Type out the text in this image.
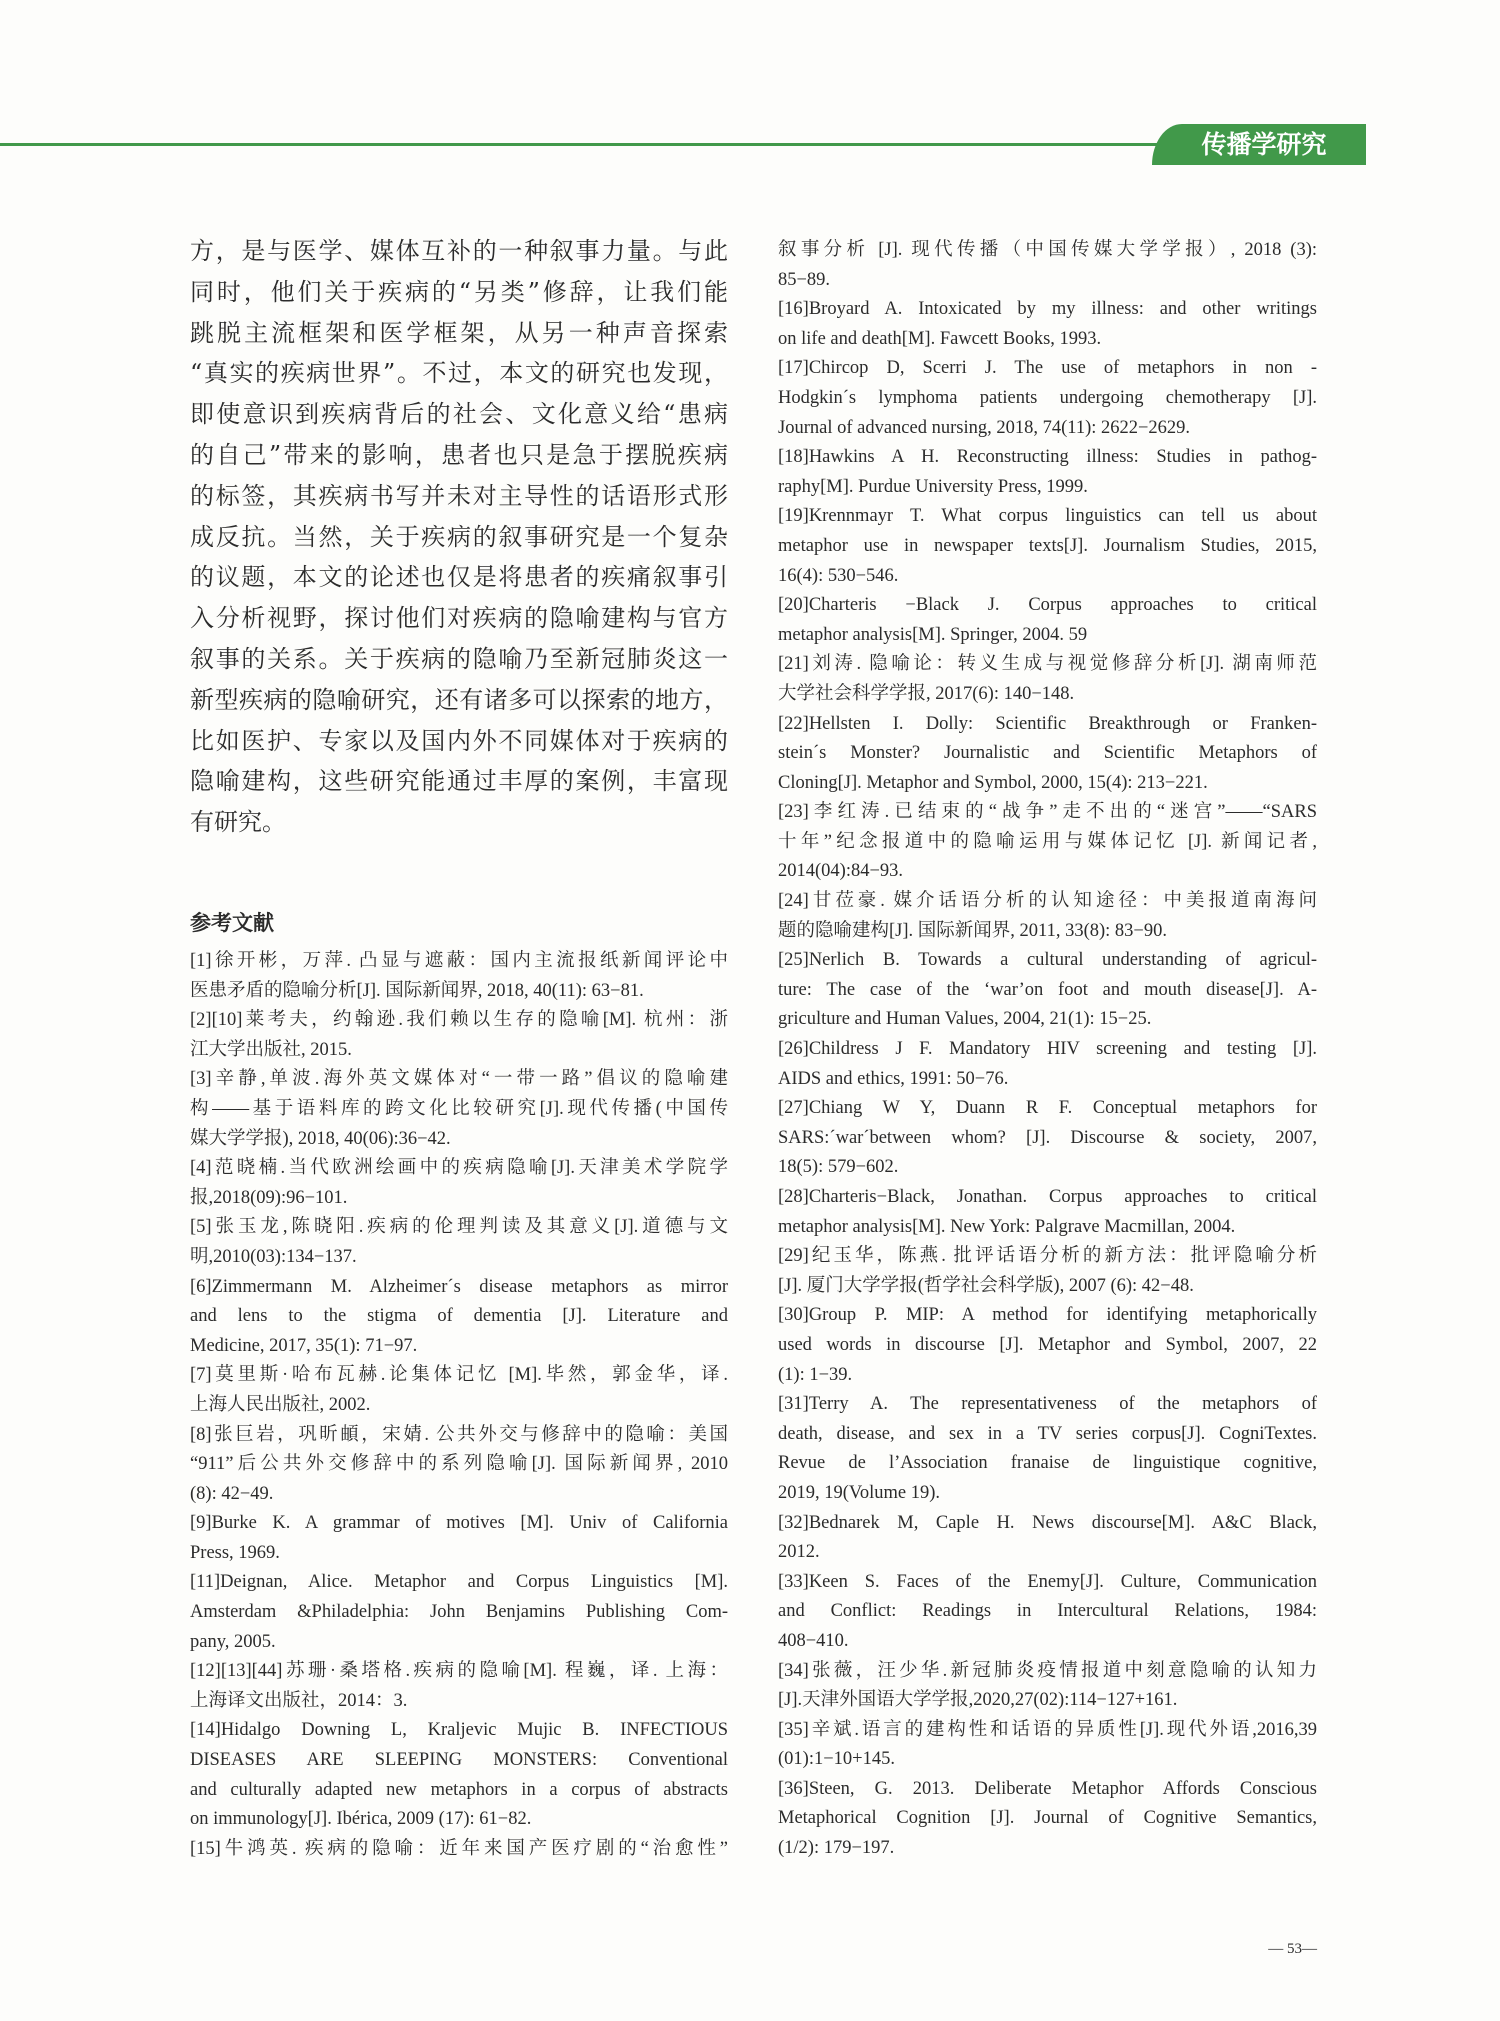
传播学研究
方，是与医学、媒体互补的一种叙事力量。与此
同时，他们关于疾病的“另类”修辞，让我们能
跳脱主流框架和医学框架，从另一种声音探索
“真实的疾病世界”。不过，本文的研究也发现，
即使意识到疾病背后的社会、文化意义给“患病
的自己”带来的影响，患者也只是急于摆脱疾病
的标签，其疾病书写并未对主导性的话语形式形
成反抗。当然，关于疾病的叙事研究是一个复杂
的议题，本文的论述也仅是将患者的疾痛叙事引
入分析视野，探讨他们对疾病的隐喻建构与官方
叙事的关系。关于疾病的隐喻乃至新冠肺炎这一
新型疾病的隐喻研究，还有诸多可以探索的地方，
比如医护、专家以及国内外不同媒体对于疾病的
隐喻建构，这些研究能通过丰厚的案例，丰富现
有研究。
参考文献
[1]徐开彬，万萍. 凸显与遮蔽：国内主流报纸新闻评论中
医患矛盾的隐喻分析[J]. 国际新闻界, 2018, 40(11): 63−81.
[2][10]莱考夫，约翰逊.我们赖以生存的隐喻[M]. 杭州：浙
江大学出版社, 2015.
[3]辛静,单波.海外英文媒体对“一带一路”倡议的隐喻建
构——基于语料库的跨文化比较研究[J].现代传播(中国传
媒大学学报), 2018, 40(06):36−42.
[4]范晓楠.当代欧洲绘画中的疾病隐喻[J].天津美术学院学
报,2018(09):96−101.
[5]张玉龙,陈晓阳.疾病的伦理判读及其意义[J].道德与文
明,2010(03):134−137.
[6]Zimmermann M. Alzheimer´s disease metaphors as mirror
and lens to the stigma of dementia [J]. Literature and
Medicine, 2017, 35(1): 71−97.
[7]莫里斯·哈布瓦赫.论集体记忆 [M].毕然，郭金华，译.
上海人民出版社, 2002.
[8]张巨岩，巩昕頔，宋婧. 公共外交与修辞中的隐喻：美国
“911”后公共外交修辞中的系列隐喻[J]. 国际新闻界, 2010
(8): 42−49.
[9]Burke K. A grammar of motives [M]. Univ of California
Press, 1969.
[11]Deignan, Alice. Metaphor and Corpus Linguistics [M].
Amsterdam &Philadelphia: John Benjamins Publishing Com-
pany, 2005.
[12][13][44]苏珊·桑塔格.疾病的隐喻[M]. 程巍，译. 上海：
上海译文出版社，2014：3.
[14]Hidalgo Downing L, Kraljevic Mujic B. INFECTIOUS
DISEASES ARE SLEEPING MONSTERS: Conventional
and culturally adapted new metaphors in a corpus of abstracts
on immunology[J]. Ibérica, 2009 (17): 61−82.
[15]牛鸿英. 疾病的隐喻：近年来国产医疗剧的“治愈性”
叙事分析 [J]. 现代传播（中国传媒大学学报）, 2018 (3):
85−89.
[16]Broyard A. Intoxicated by my illness: and other writings
on life and death[M]. Fawcett Books, 1993.
[17]Chircop D, Scerri J. The use of metaphors in non -
Hodgkin´s lymphoma patients undergoing chemotherapy [J].
Journal of advanced nursing, 2018, 74(11): 2622−2629.
[18]Hawkins A H. Reconstructing illness: Studies in pathog-
raphy[M]. Purdue University Press, 1999.
[19]Krennmayr T. What corpus linguistics can tell us about
metaphor use in newspaper texts[J]. Journalism Studies, 2015,
16(4): 530−546.
[20]Charteris −Black J. Corpus approaches to critical
metaphor analysis[M]. Springer, 2004. 59
[21]刘涛. 隐喻论：转义生成与视觉修辞分析[J]. 湖南师范
大学社会科学学报, 2017(6): 140−148.
[22]Hellsten I. Dolly: Scientific Breakthrough or Franken-
stein´s Monster? Journalistic and Scientific Metaphors of
Cloning[J]. Metaphor and Symbol, 2000, 15(4): 213−221.
[23]李红涛.已结束的“战争”走不出的“迷宫”——“SARS
十年”纪念报道中的隐喻运用与媒体记忆 [J]. 新闻记者,
2014(04):84−93.
[24]甘莅豪. 媒介话语分析的认知途径：中美报道南海问
题的隐喻建构[J]. 国际新闻界, 2011, 33(8): 83−90.
[25]Nerlich B. Towards a cultural understanding of agricul-
ture: The case of the ‘war’on foot and mouth disease[J]. A-
griculture and Human Values, 2004, 21(1): 15−25.
[26]Childress J F. Mandatory HIV screening and testing [J].
AIDS and ethics, 1991: 50−76.
[27]Chiang W Y, Duann R F. Conceptual metaphors for
SARS:´war´between whom? [J]. Discourse & society, 2007,
18(5): 579−602.
[28]Charteris−Black, Jonathan. Corpus approaches to critical
metaphor analysis[M]. New York: Palgrave Macmillan, 2004.
[29]纪玉华，陈燕. 批评话语分析的新方法：批评隐喻分析
[J]. 厦门大学学报(哲学社会科学版), 2007 (6): 42−48.
[30]Group P. MIP: A method for identifying metaphorically
used words in discourse [J]. Metaphor and Symbol, 2007, 22
(1): 1−39.
[31]Terry A. The representativeness of the metaphors of
death, disease, and sex in a TV series corpus[J]. CogniTextes.
Revue de l’Association franaise de linguistique cognitive,
2019, 19(Volume 19).
[32]Bednarek M, Caple H. News discourse[M]. A&C Black,
2012.
[33]Keen S. Faces of the Enemy[J]. Culture, Communication
and Conflict: Readings in Intercultural Relations, 1984:
408−410.
[34]张薇，汪少华.新冠肺炎疫情报道中刻意隐喻的认知力
[J].天津外国语大学学报,2020,27(02):114−127+161.
[35]辛斌.语言的建构性和话语的异质性[J].现代外语,2016,39
(01):1−10+145.
[36]Steen, G. 2013. Deliberate Metaphor Affords Conscious
Metaphorical Cognition [J]. Journal of Cognitive Semantics,
(1/2): 179−197.
— 53—
